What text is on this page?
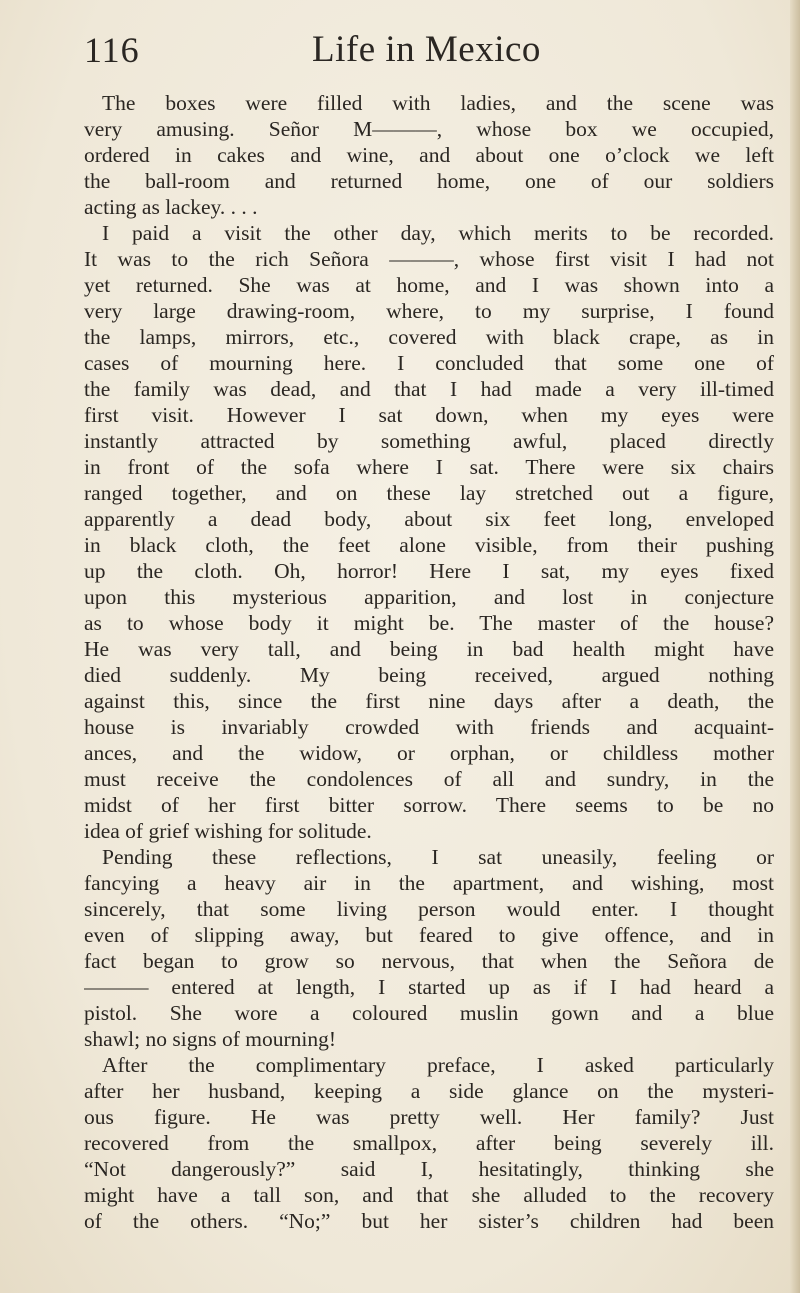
116	Life in Mexico
The boxes were filled with ladies, and the scene was
very amusing. Señor M———, whose box we occupied,
ordered in cakes and wine, and about one o’clock we left
the ball-room and returned home, one of our soldiers
acting as lackey. . . .
I paid a visit the other day, which merits to be recorded.
It was to the rich Señora ———, whose first visit I had not
yet returned. She was at home, and I was shown into a
very large drawing-room, where, to my surprise, I found
the lamps, mirrors, etc., covered with black crape, as in
cases of mourning here. I concluded that some one of
the family was dead, and that I had made a very ill-timed
first visit. However I sat down, when my eyes were
instantly attracted by something awful, placed directly
in front of the sofa where I sat. There were six chairs
ranged together, and on these lay stretched out a figure,
apparently a dead body, about six feet long, enveloped
in black cloth, the feet alone visible, from their pushing
up the cloth. Oh, horror! Here I sat, my eyes fixed
upon this mysterious apparition, and lost in conjecture
as to whose body it might be. The master of the house?
He was very tall, and being in bad health might have
died suddenly. My being received, argued nothing
against this, since the first nine days after a death, the
house is invariably crowded with friends and acquaint-
ances, and the widow, or orphan, or childless mother
must receive the condolences of all and sundry, in the
midst of her first bitter sorrow. There seems to be no
idea of grief wishing for solitude.
Pending these reflections, I sat uneasily, feeling or
fancying a heavy air in the apartment, and wishing, most
sincerely, that some living person would enter. I thought
even of slipping away, but feared to give offence, and in
fact began to grow so nervous, that when the Señora de
——— entered at length, I started up as if I had heard a
pistol. She wore a coloured muslin gown and a blue
shawl; no signs of mourning!
After the complimentary preface, I asked particularly
after her husband, keeping a side glance on the mysteri-
ous figure. He was pretty well. Her family? Just
recovered from the smallpox, after being severely ill.
“Not dangerously?” said I, hesitatingly, thinking she
might have a tall son, and that she alluded to the recovery
of the others. “No;” but her sister’s children had been
